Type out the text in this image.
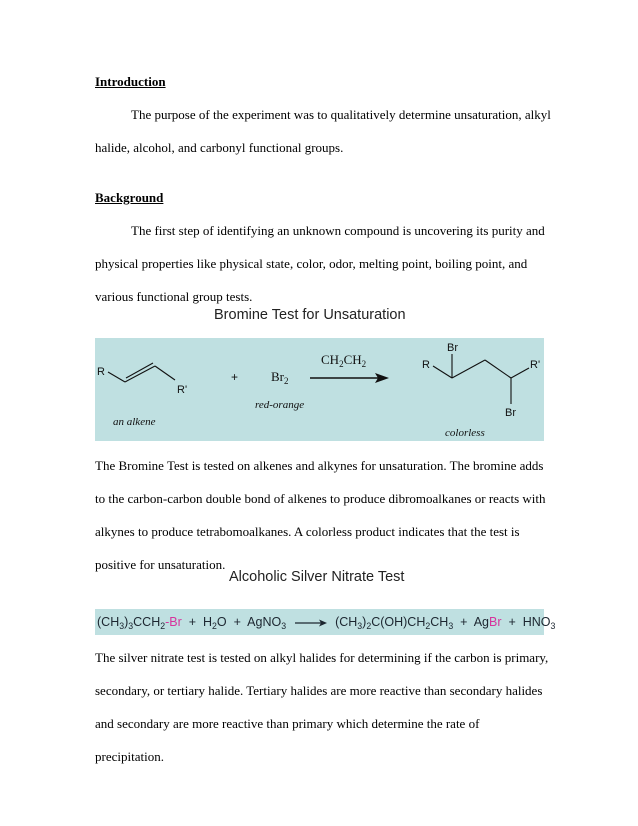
Introduction
The purpose of the experiment was to qualitatively determine unsaturation, alkyl halide, alcohol, and carbonyl functional groups.
Background
The first step of identifying an unknown compound is uncovering its purity and physical properties like physical state, color, odor, melting point, boiling point, and various functional group tests.
Bromine Test for Unsaturation
R
R'
an alkene
+	$Br_2$
red-orange
$CH_2CH_2$	R
Br
R'
Br
colorless
The Bromine Test is tested on alkenes and alkynes for unsaturation. The bromine adds to the carbon-carbon double bond of alkenes to produce dibromoalkanes or reacts with alkynes to produce tetrabomoalkanes. A colorless product indicates that the test is positive for unsaturation.
Alcoholic Silver Nitrate Test
$(CH_3)_3CCH_2-Br + H_2O$ + AgNO$_3$ → $(CH_3)_2C(OH)CH_2CH_3$ + AgBr + $HNO_3$
The silver nitrate test is tested on alkyl halides for determining if the carbon is primary, secondary, or tertiary halide. Tertiary halides are more reactive than secondary halides and secondary are more reactive than primary which determine the rate of precipitation.
